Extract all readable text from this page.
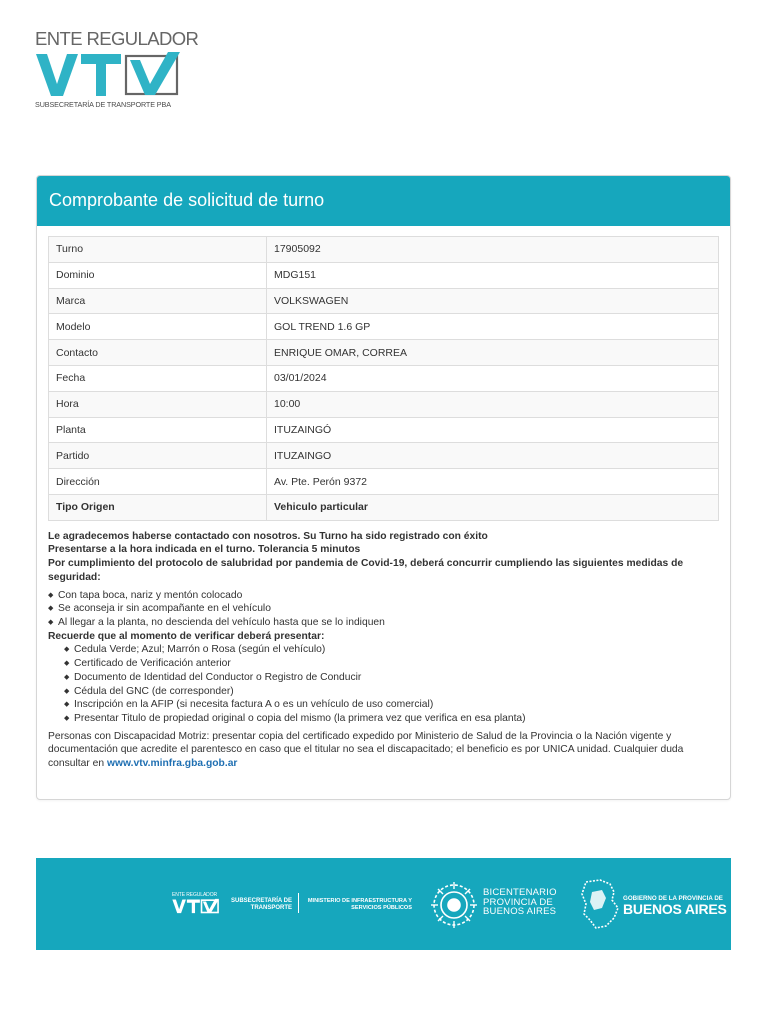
ENTE REGULADOR
SUBSECRETARÍA DE TRANSPORTE PBA
Comprobante de solicitud de turno
Turno	17905092
Dominio	MDG151
Marca	VOLKSWAGEN
Modelo	GOL TREND 1.6 GP
Contacto	ENRIQUE OMAR, CORREA
Fecha	03/01/2024
Hora	10:00
Planta	ITUZAINGÓ
Partido	ITUZAINGO
Dirección	Av. Pte. Perón 9372
Tipo Origen	Vehiculo particular
Le agradecemos haberse contactado con nosotros. Su Turno ha sido registrado con éxito
Presentarse a la hora indicada en el turno. Tolerancia 5 minutos
Por cumplimiento del protocolo de salubridad por pandemia de Covid-19, deberá concurrir cumpliendo las siguientes medidas de seguridad:
◆ Con tapa boca, nariz y mentón colocado
◆ Se aconseja ir sin acompañante en el vehículo
◆ Al llegar a la planta, no descienda del vehículo hasta que se lo indiquen
Recuerde que al momento de verificar deberá presentar:
◆ Cedula Verde; Azul; Marrón o Rosa (según el vehículo)
◆ Certificado de Verificación anterior
◆ Documento de Identidad del Conductor o Registro de Conducir
◆ Cédula del GNC (de corresponder)
◆ Inscripción en la AFIP (si necesita factura A o es un vehículo de uso comercial)
◆ Presentar Titulo de propiedad original o copia del mismo (la primera vez que verifica en esa planta)

Personas con Discapacidad Motriz: presentar copia del certificado expedido por Ministerio de Salud de la Provincia o la Nación vigente y documentación que acredite el parentesco en caso que el titular no sea el discapacitado; el beneficio es por UNICA unidad. Cualquier duda consultar en www.vtv.minfra.gba.gob.ar

ENTE REGULADOR
SUBSECRETARÍA DE TRANSPORTE
MINISTERIO DE INFRAESTRUCTURA Y SERVICIOS PÚBLICOS
BICENTENARIO
PROVINCIA DE
BUENOS AIRES
GOBIERNO DE LA PROVINCIA DE
BUENOS AIRES
